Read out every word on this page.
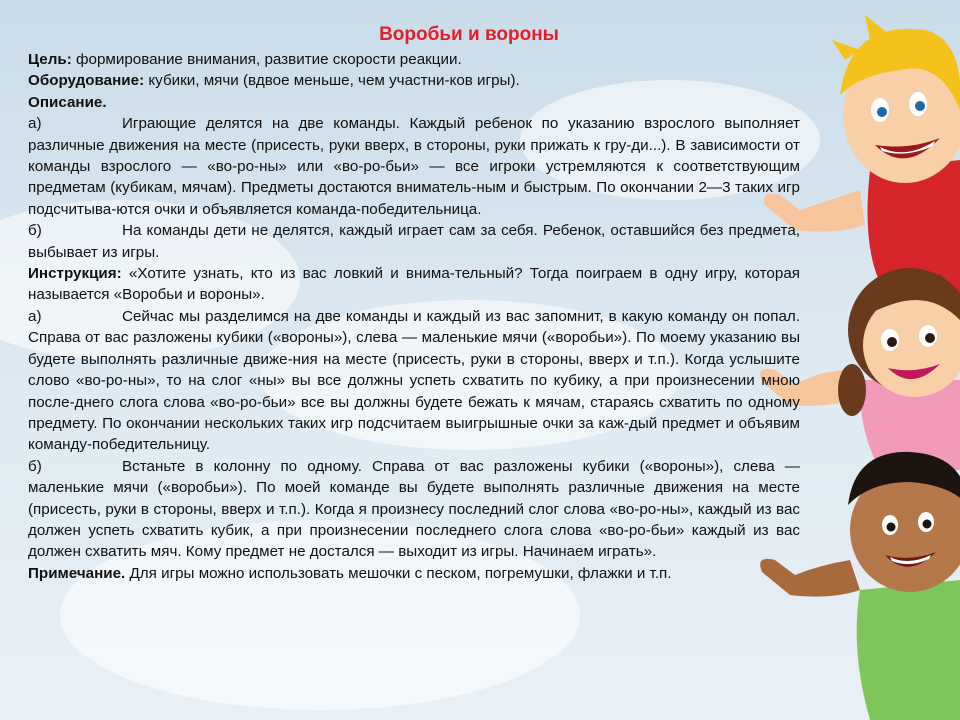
Воробьи и вороны

Цель: формирование внимания, развитие скорости реакции.

Оборудование: кубики, мячи (вдвое меньше, чем участни-ков игры).

Описание.

а)	Играющие делятся на две команды. Каждый ребенок по указанию взрослого выполняет различные движения на месте (присесть, руки вверх, в стороны, руки прижать к гру-ди...). В зависимости от команды взрослого — «во-ро-ны» или «во-ро-бьи» — все игроки устремляются к соответствующим предметам (кубикам, мячам). Предметы достаются вниматель-ным и быстрым. По окончании 2—3 таких игр подсчитыва-ются очки и объявляется команда-победительница.

б)	На команды дети не делятся, каждый играет сам за себя. Ребенок, оставшийся без предмета, выбывает из игры.

Инструкция: «Хотите узнать, кто из вас ловкий и внима-тельный? Тогда поиграем в одну игру, которая называется «Воробьи и вороны».

а)	Сейчас мы разделимся на две команды и каждый из вас запомнит, в какую команду он попал. Справа от вас разложены кубики («вороны»), слева — маленькие мячи («воробьи»). По моему указанию вы будете выполнять различные движе-ния на месте (присесть, руки в стороны, вверх и т.п.). Когда услышите слово «во-ро-ны», то на слог «ны» вы все должны успеть схватить по кубику, а при произнесении мною после-днего слога слова «во-ро-бьи» все вы должны будете бежать к мячам, стараясь схватить по одному предмету. По окончании нескольких таких игр подсчитаем выигрышные очки за каж-дый предмет и объявим команду-победительницу.

б)	Встаньте в колонну по одному. Справа от вас разложены кубики («вороны»), слева — маленькие мячи («воробьи»). По моей команде вы будете выполнять различные движения на месте (присесть, руки в стороны, вверх и т.п.). Когда я произнесу последний слог слова «во-ро-ны», каждый из вас должен успеть схватить кубик, а при произнесении последнего слога слова «во-ро-бьи» каждый из вас должен схватить мяч. Кому предмет не достался — выходит из игры. Начинаем играть».

Примечание. Для игры можно использовать мешочки с песком, погремушки, флажки и т.п.
